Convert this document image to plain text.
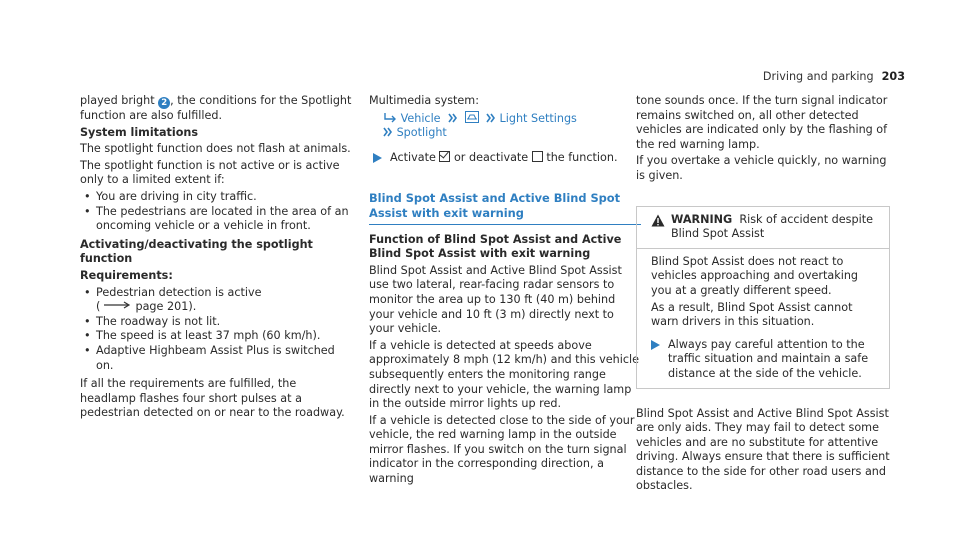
Driving and parking 203

played bright 2 , the conditions for the Spotlight function are also fulfilled.

System limitations

The spotlight function does not flash at animals.

The spotlight function is not active or is active only to a limited extent if:

• You are driving in city traffic.
• The pedestrians are located in the area of an oncoming vehicle or a vehicle in front.

Activating/deactivating the spotlight function

Requirements:

• Pedestrian detection is active
(	page 201).
• The roadway is not lit.
• The speed is at least 37 mph (60 km/h).
• Adaptive Highbeam Assist Plus is switched on.

If all the requirements are fulfilled, the headlamp flashes four short pulses at a pedestrian detected on or near to the roadway.

Multimedia system:

Vehicle	Light Settings
Spotlight
Activate  or deactivate  the function.
Blind Spot Assist and Active Blind Spot Assist with exit warning

Function of Blind Spot Assist and Active Blind Spot Assist with exit warning

Blind Spot Assist and Active Blind Spot Assist use two lateral, rear-facing radar sensors to monitor the area up to 130 ft (40 m) behind your vehicle and 10 ft (3 m) directly next to your vehicle.

If a vehicle is detected at speeds above approximately 8 mph (12 km/h) and this vehicle subsequently enters the monitoring range directly next to your vehicle, the warning lamp in the outside mirror lights up red.

If a vehicle is detected close to the side of your vehicle, the red warning lamp in the outside mirror flashes. If you switch on the turn signal indicator in the corresponding direction, a warning

tone sounds once. If the turn signal indicator remains switched on, all other detected vehicles are indicated only by the flashing of the red warning lamp.

If you overtake a vehicle quickly, no warning is given.

WARNING Risk of accident despite Blind Spot Assist

Blind Spot Assist does not react to vehicles approaching and overtaking you at a greatly different speed.

As a result, Blind Spot Assist cannot warn drivers in this situation.

Always pay careful attention to the traffic situation and maintain a safe distance at the side of the vehicle.

Blind Spot Assist and Active Blind Spot Assist are only aids. They may fail to detect some vehicles and are no substitute for attentive driving. Always ensure that there is sufficient distance to the side for other road users and obstacles.
